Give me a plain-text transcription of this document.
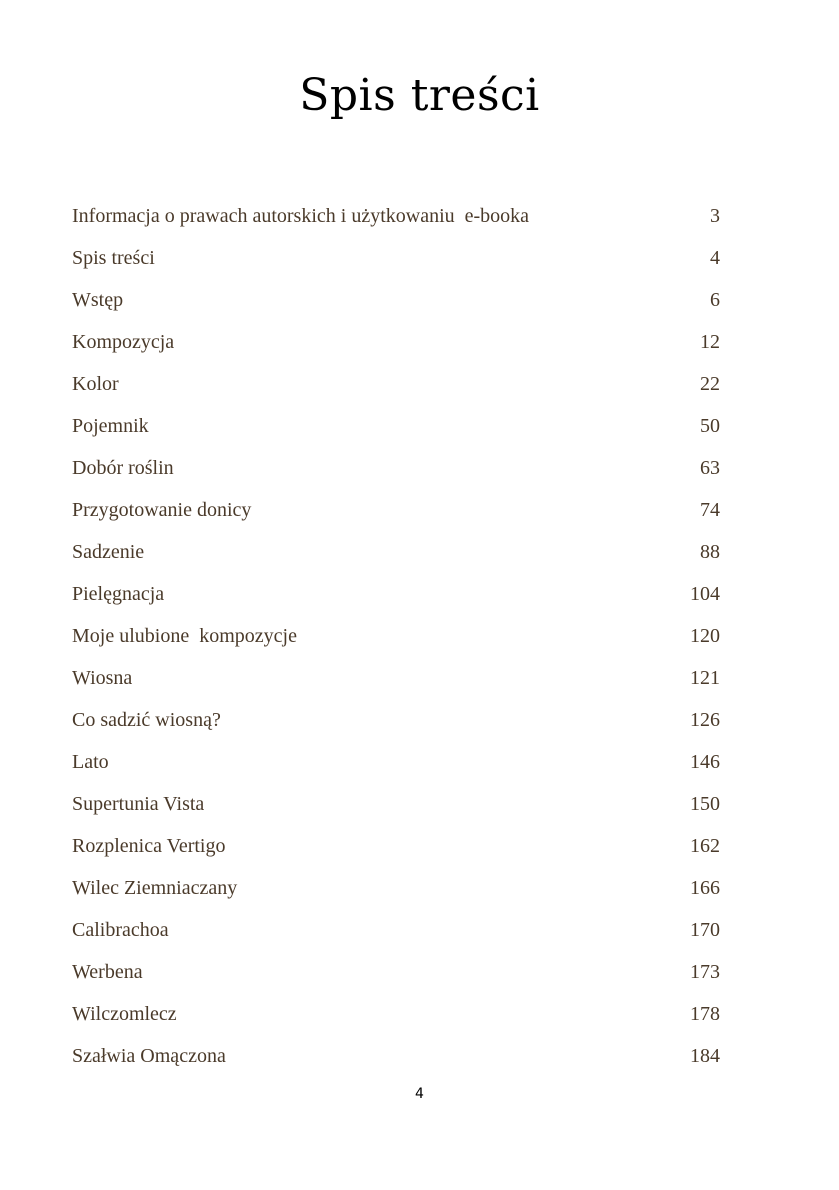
Spis treści
Informacja o prawach autorskich i użytkowaniu  e-booka	3
Spis treści	4
Wstęp	6
Kompozycja	12
Kolor	22
Pojemnik	50
Dobór roślin	63
Przygotowanie donicy	74
Sadzenie	88
Pielęgnacja	104
Moje ulubione  kompozycje	120
Wiosna	121
Co sadzić wiosną?	126
Lato	146
Supertunia Vista	150
Rozplenica Vertigo	162
Wilec Ziemniaczany	166
Calibrachoa	170
Werbena	173
Wilczomlecz	178
Szałwia Omączona	184
4
